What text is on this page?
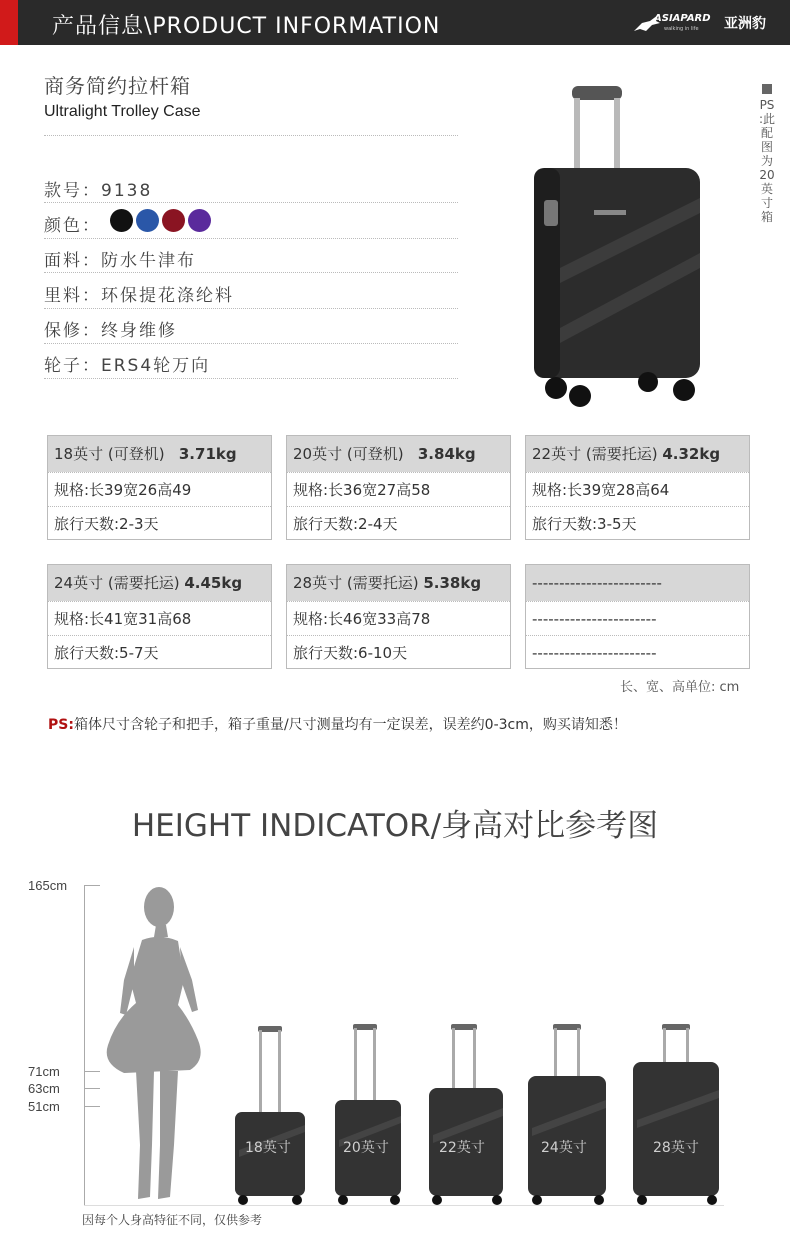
产品信息\PRODUCT INFORMATION	ASIAPARD
walking in life 亚洲豹
商务简约拉杆箱
Ultralight Trolley Case
款号：9138
颜色：
面料：防水牛津布
里料：环保提花涤纶料
保修：终身维修
轮子：ERS4轮万向
PS:此配图为20英寸箱
18英寸 (可登机) 3.71kg
规格:长39宽26高49
旅行天数:2-3天
20英寸 (可登机) 3.84kg
规格:长36宽27高58
旅行天数:2-4天
22英寸 (需要托运) 4.32kg
规格:长39宽28高64
旅行天数:3-5天
24英寸 (需要托运) 4.45kg
规格:长41宽31高68
旅行天数:5-7天
28英寸 (需要托运) 5.38kg
规格:长46宽33高78
旅行天数:6-10天
------------------------
-----------------------
-----------------------
长、宽、高单位: cm
PS:箱体尺寸含轮子和把手，箱子重量/尺寸测量均有一定误差，误差约0-3cm，购买请知悉！
HEIGHT INDICATOR/身高对比参考图
165cm
71cm
63cm
51cm
18英寸	20英寸	22英寸	24英寸	28英寸
因每个人身高特征不同，仅供参考
